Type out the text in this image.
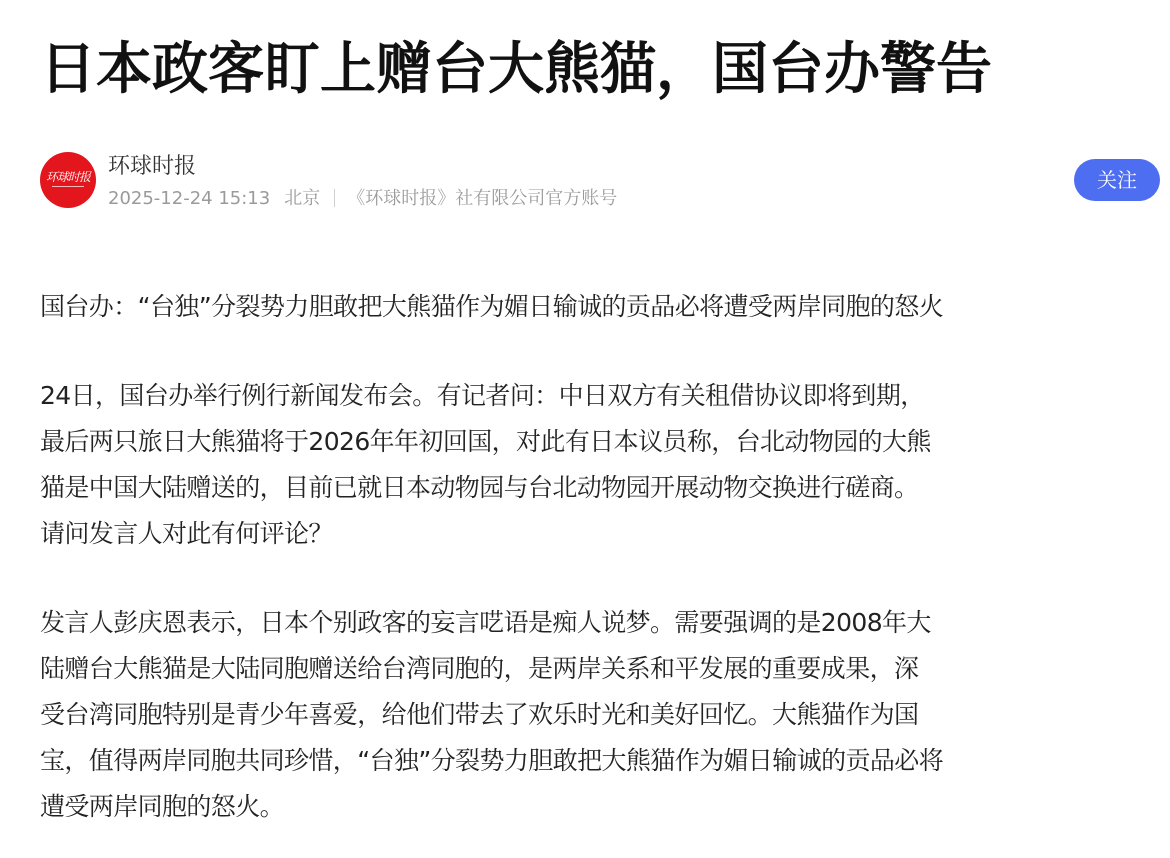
日本政客盯上赠台大熊猫，国台办警告
环球时报 环球时报
2025-12-24 15:13 北京 《环球时报》社有限公司官方账号
关注

国台办：“台独”分裂势力胆敢把大熊猫作为媚日输诚的贡品必将遭受两岸同胞的怒火

24日，国台办举行例行新闻发布会。有记者问：中日双方有关租借协议即将到期，
最后两只旅日大熊猫将于2026年年初回国，对此有日本议员称，台北动物园的大熊
猫是中国大陆赠送的，目前已就日本动物园与台北动物园开展动物交换进行磋商。
请问发言人对此有何评论？
发言人彭庆恩表示，日本个别政客的妄言呓语是痴人说梦。需要强调的是2008年大
陆赠台大熊猫是大陆同胞赠送给台湾同胞的，是两岸关系和平发展的重要成果，深
受台湾同胞特别是青少年喜爱，给他们带去了欢乐时光和美好回忆。大熊猫作为国
宝，值得两岸同胞共同珍惜，“台独”分裂势力胆敢把大熊猫作为媚日输诚的贡品必将
遭受两岸同胞的怒火。
